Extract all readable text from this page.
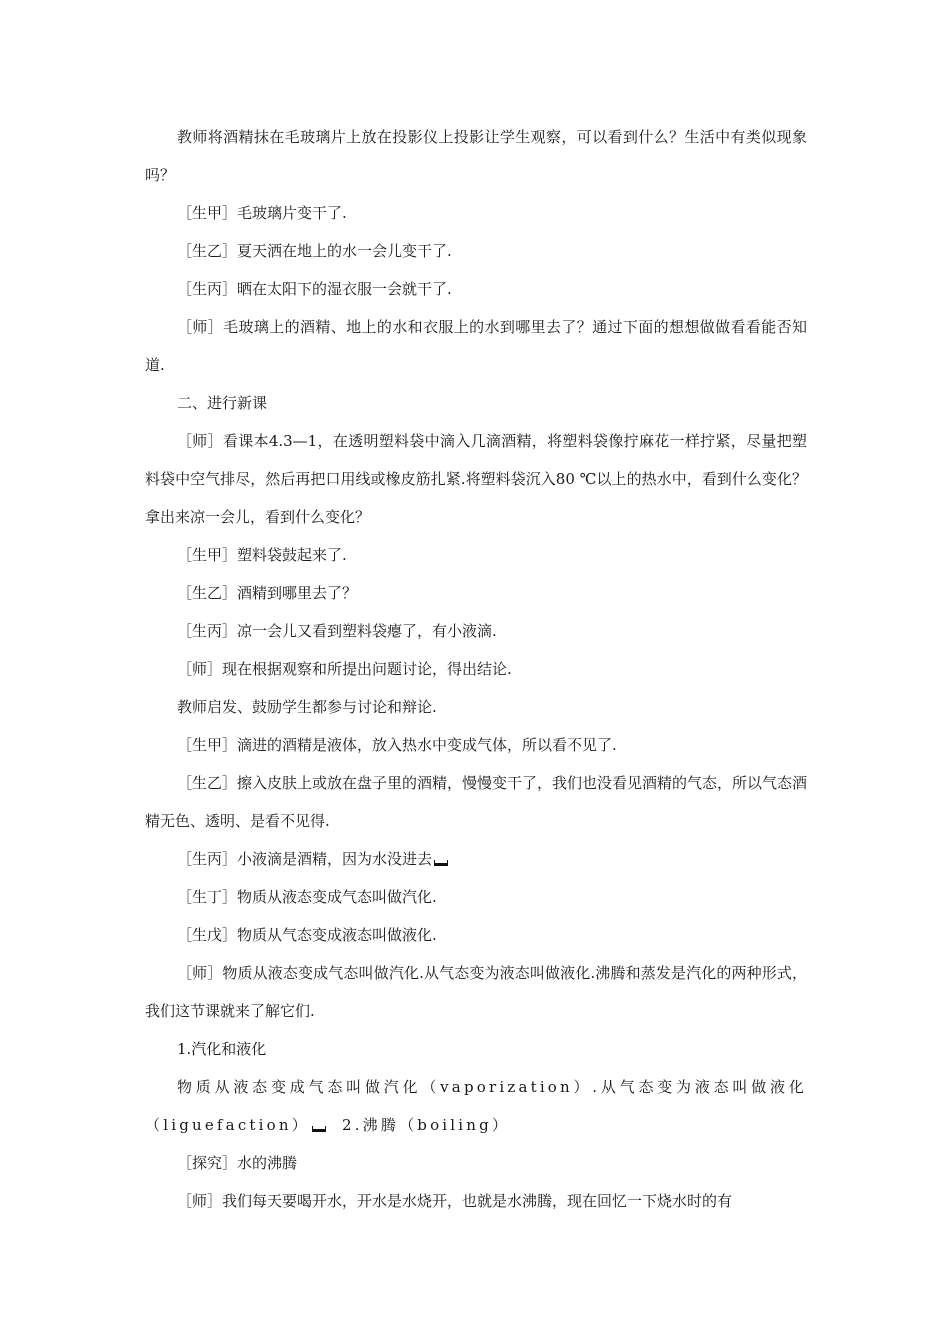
教师将酒精抹在毛玻璃片上放在投影仪上投影让学生观察，可以看到什么？生活中有类似现象吗？

［生甲］毛玻璃片变干了.

［生乙］夏天洒在地上的水一会儿变干了.

［生丙］晒在太阳下的湿衣服一会就干了.

［师］毛玻璃上的酒精、地上的水和衣服上的水到哪里去了？通过下面的想想做做看看能否知道.

二、进行新课

［师］看课本4.3—1，在透明塑料袋中滴入几滴酒精，将塑料袋像拧麻花一样拧紧，尽量把塑料袋中空气排尽，然后再把口用线或橡皮筋扎紧.将塑料袋沉入80 ℃以上的热水中，看到什么变化？拿出来凉一会儿，看到什么变化？

［生甲］塑料袋鼓起来了.

［生乙］酒精到哪里去了？

［生丙］凉一会儿又看到塑料袋瘪了，有小液滴.

［师］现在根据观察和所提出问题讨论，得出结论.

教师启发、鼓励学生都参与讨论和辩论.

［生甲］滴进的酒精是液体，放入热水中变成气体，所以看不见了.

［生乙］擦入皮肤上或放在盘子里的酒精，慢慢变干了，我们也没看见酒精的气态，所以气态酒精无色、透明、是看不见得.

［生丙］小液滴是酒精，因为水没进去

［生丁］物质从液态变成气态叫做汽化.

［生戊］物质从气态变成液态叫做液化.

［师］物质从液态变成气态叫做汽化.从气态变为液态叫做液化.沸腾和蒸发是汽化的两种形式，我们这节课就来了解它们.

1.汽化和液化

物质从液态变成气态叫做汽化（vaporization）.从气态变为液态叫做液化（liguefaction） 2.沸腾（boiling）

［探究］水的沸腾

［师］我们每天要喝开水，开水是水烧开，也就是水沸腾，现在回忆一下烧水时的有
